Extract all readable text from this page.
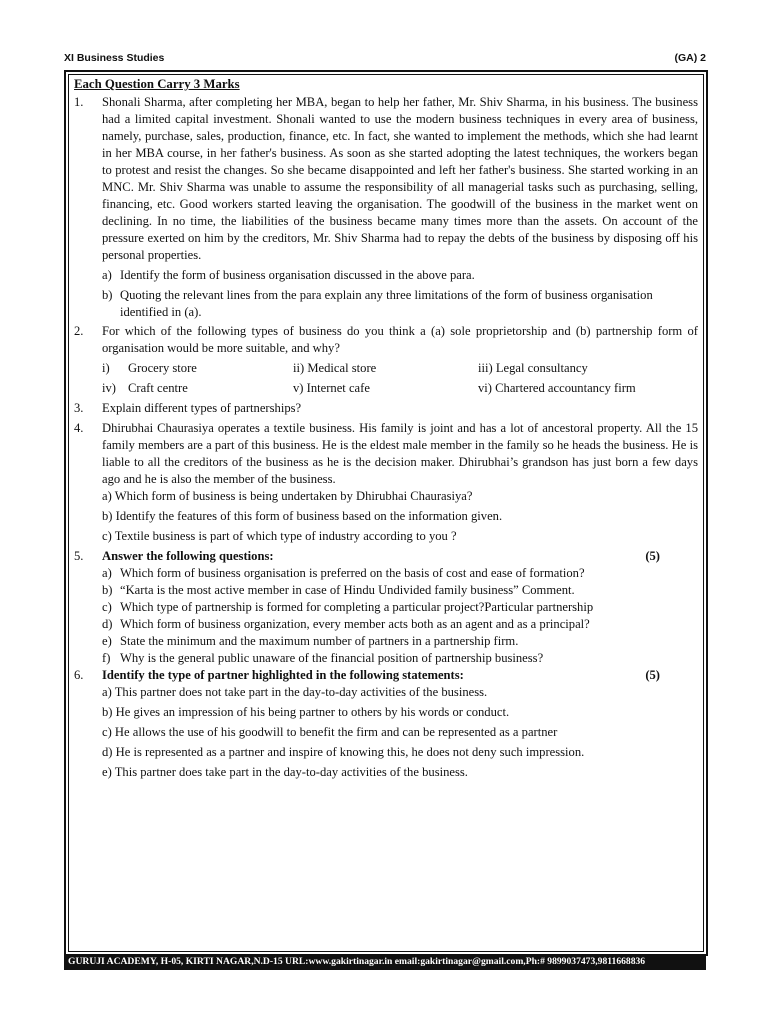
XI Business Studies	(GA) 2
Each Question Carry 3 Marks
1. Shonali Sharma, after completing her MBA, began to help her father, Mr. Shiv Sharma, in his business. The business had a limited capital investment. Shonali wanted to use the modern business techniques in every area of business, namely, purchase, sales, production, finance, etc. In fact, she wanted to implement the methods, which she had learnt in her MBA course, in her father's business. As soon as she started adopting the latest techniques, the workers began to protest and resist the changes. So she became disappointed and left her father's business. She started working in an MNC. Mr. Shiv Sharma was unable to assume the responsibility of all managerial tasks such as purchasing, selling, financing, etc. Good workers started leaving the organisation. The goodwill of the business in the market went on declining. In no time, the liabilities of the business became many times more than the assets. On account of the pressure exerted on him by the creditors, Mr. Shiv Sharma had to repay the debts of the business by disposing off his personal properties.
a) Identify the form of business organisation discussed in the above para.
b) Quoting the relevant lines from the para explain any three limitations of the form of business organisation identified in (a).
2. For which of the following types of business do you think a (a) sole proprietorship and (b) partnership form of organisation would be more suitable, and why?
i)	Grocery store	ii) Medical store	iii) Legal consultancy
iv) Craft centre	v) Internet cafe	vi) Chartered accountancy firm
3. Explain different types of partnerships?
4. Dhirubhai Chaurasiya operates a textile business. His family is joint and has a lot of ancestoral property. All the 15 family members are a part of this business. He is the eldest male member in the family so he heads the business. He is liable to all the creditors of the business as he is the decision maker. Dhirubhai’s grandson has just born a few days ago and he is also the member of the business.
a) Which form of business is being undertaken by Dhirubhai Chaurasiya?
b) Identify the features of this form of business based on the information given.
c) Textile business is part of which type of industry according to you ?
5. Answer the following questions:	(5)
a) Which form of business organisation is preferred on the basis of cost and ease of formation?
b) “Karta is the most active member in case of Hindu Undivided family business” Comment.
c) Which type of partnership is formed for completing a particular project?Particular partnership
d) Which form of business organization, every member acts both as an agent and as a principal?
e) State the minimum and the maximum number of partners in a partnership firm.
f) Why is the general public unaware of the financial position of partnership business?
6. Identify the type of partner highlighted in the following statements:	(5)
a) This partner does not take part in the day-to-day activities of the business.
b) He gives an impression of his being partner to others by his words or conduct.
c) He allows the use of his goodwill to benefit the firm and can be represented as a partner
d) He is represented as a partner and inspire of knowing this, he does not deny such impression.
e) This partner does take part in the day-to-day activities of the business.
GURUJI ACADEMY, H-05, KIRTI NAGAR,N.D-15 URL:www.gakirtinagar.in email:gakirtinagar@gmail.com,Ph:# 9899037473,9811668836
